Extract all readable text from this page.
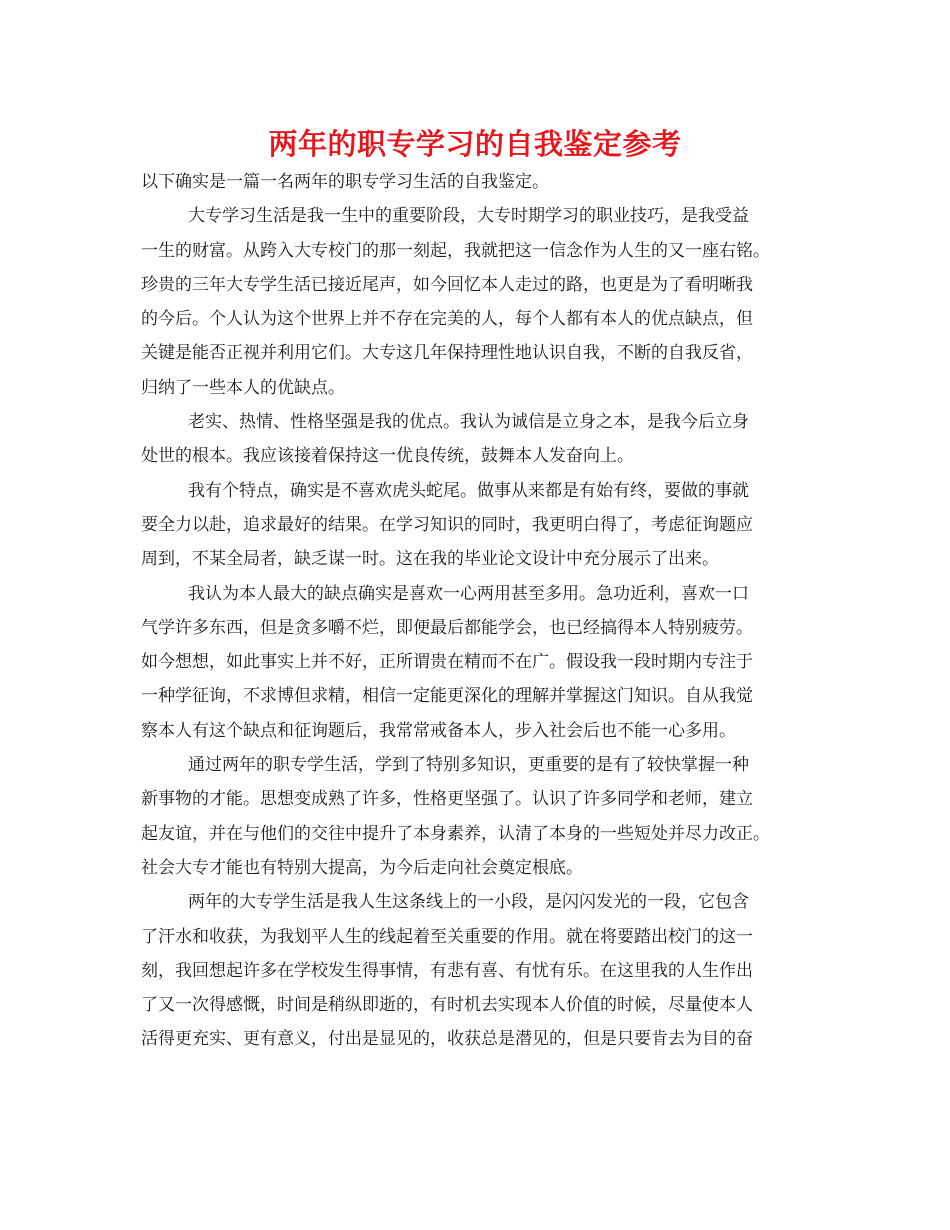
两年的职专学习的自我鉴定参考
以下确实是一篇一名两年的职专学习生活的自我鉴定。
大专学习生活是我一生中的重要阶段，大专时期学习的职业技巧，是我受益
一生的财富。从跨入大专校门的那一刻起，我就把这一信念作为人生的又一座右铭。
珍贵的三年大专学生活已接近尾声，如今回忆本人走过的路，也更是为了看明晰我
的今后。个人认为这个世界上并不存在完美的人，每个人都有本人的优点缺点，但
关键是能否正视并利用它们。大专这几年保持理性地认识自我，不断的自我反省，
归纳了一些本人的优缺点。
老实、热情、性格坚强是我的优点。我认为诚信是立身之本，是我今后立身
处世的根本。我应该接着保持这一优良传统，鼓舞本人发奋向上。
我有个特点，确实是不喜欢虎头蛇尾。做事从来都是有始有终，要做的事就
要全力以赴，追求最好的结果。在学习知识的同时，我更明白得了，考虑征询题应
周到，不某全局者，缺乏谋一时。这在我的毕业论文设计中充分展示了出来。
我认为本人最大的缺点确实是喜欢一心两用甚至多用。急功近利，喜欢一口
气学许多东西，但是贪多嚼不烂，即便最后都能学会，也已经搞得本人特别疲劳。
如今想想，如此事实上并不好，正所谓贵在精而不在广。假设我一段时期内专注于
一种学征询，不求博但求精，相信一定能更深化的理解并掌握这门知识。自从我觉
察本人有这个缺点和征询题后，我常常戒备本人，步入社会后也不能一心多用。
通过两年的职专学生活，学到了特别多知识，更重要的是有了较快掌握一种
新事物的才能。思想变成熟了许多，性格更坚强了。认识了许多同学和老师，建立
起友谊，并在与他们的交往中提升了本身素养，认清了本身的一些短处并尽力改正。
社会大专才能也有特别大提高，为今后走向社会奠定根底。
两年的大专学生活是我人生这条线上的一小段，是闪闪发光的一段，它包含
了汗水和收获，为我划平人生的线起着至关重要的作用。就在将要踏出校门的这一
刻，我回想起许多在学校发生得事情，有悲有喜、有忧有乐。在这里我的人生作出
了又一次得感慨，时间是稍纵即逝的，有时机去实现本人价值的时候，尽量使本人
活得更充实、更有意义，付出是显见的，收获总是潜见的，但是只要肯去为目的奋
